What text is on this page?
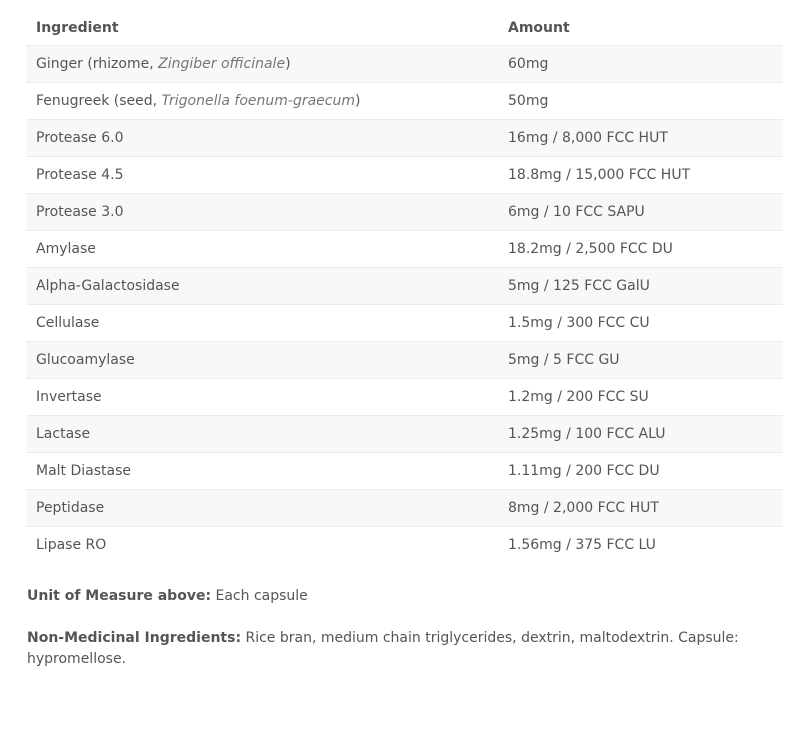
Ingredient	Amount
Ginger (rhizome, Zingiber officinale)	60mg
Fenugreek (seed, Trigonella foenum-graecum)	50mg
Protease 6.0	16mg / 8,000 FCC HUT
Protease 4.5	18.8mg / 15,000 FCC HUT
Protease 3.0	6mg / 10 FCC SAPU
Amylase	18.2mg / 2,500 FCC DU
Alpha-Galactosidase	5mg / 125 FCC GalU
Cellulase	1.5mg / 300 FCC CU
Glucoamylase	5mg / 5 FCC GU
Invertase	1.2mg / 200 FCC SU
Lactase	1.25mg / 100 FCC ALU
Malt Diastase	1.11mg / 200 FCC DU
Peptidase	8mg / 2,000 FCC HUT
Lipase RO	1.56mg / 375 FCC LU

Unit of Measure above: Each capsule

Non-Medicinal Ingredients: Rice bran, medium chain triglycerides, dextrin, maltodextrin. Capsule: hypromellose.
